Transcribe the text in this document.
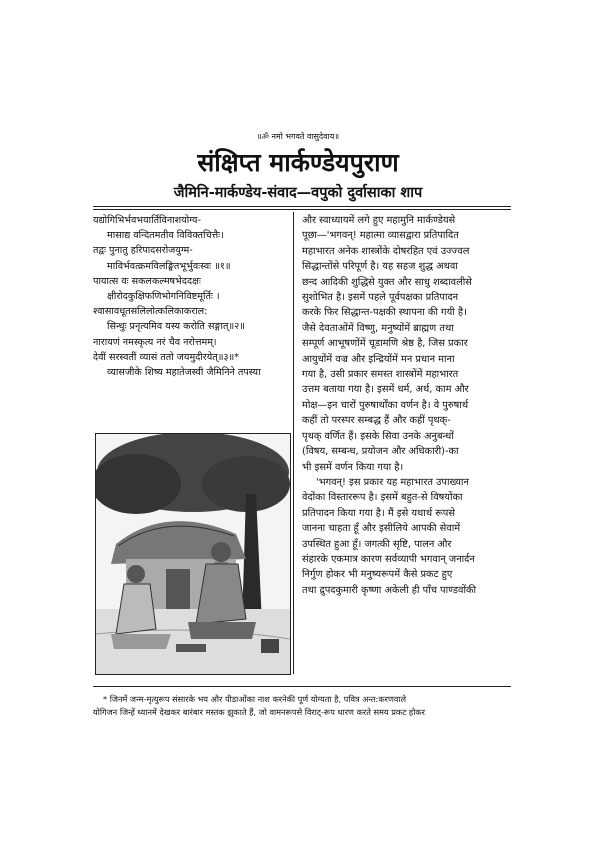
॥ॐ नमो भगवते वासुदेवाय॥
संक्षिप्त मार्कण्डेयपुराण
जैमिनि-मार्कण्डेय-संवाद—वपुको दुर्वासाका शाप
यद्योगिभिर्भवभयार्तिविनाशयोग्य-
मासाद्य वन्दितमतीव विविक्तचित्तैः।
तद्वः पुनातु हरिपादसरोजयुग्म-
माविर्भवत्क्रमविलङ्घितभूर्भुवःस्वः ॥१॥
पायात्स वः सकलकल्मषभेददक्षः
क्षीरोदकुक्षिफणिभोगनिविष्टमूर्तिः ।
श्वासावधूतसलिलोत्कलिकाकराल:
सिन्धुः प्रनृत्यमिव यस्य करोति सङ्गात्॥२॥
नारायणं नमस्कृत्य नरं चैव नरोत्तमम्।
देवीं सरस्वतीं व्यासं ततो जयमुदीरयेत्॥३॥*
व्यासजीके शिष्य महातेजस्वी जैमिनिने तपस्या
और स्वाध्यायमें लगे हुए महामुनि मार्कण्डेयसे
पूछा—'भगवन्! महात्मा व्यासद्वारा प्रतिपादित
महाभारत अनेक शास्त्रोंके दोषरहित एवं उज्ज्वल
सिद्धान्तोंसे परिपूर्ण है। यह सहज शुद्ध अथवा
छन्द आदिकी शुद्धिसे युक्त और साधु शब्दावलीसे
सुशोभित है। इसमें पहले पूर्वपक्षका प्रतिपादन
करके फिर सिद्धान्त-पक्षकी स्थापना की गयी है।
जैसे देवताओंमें विष्णु, मनुष्योंमें ब्राह्मण तथा
सम्पूर्ण आभूषणोंमें चूडामणि श्रेष्ठ है, जिस प्रकार
आयुधोंमें वज्र और इन्द्रियोंमें मन प्रधान माना
गया है, उसी प्रकार समस्त शास्त्रोंमें महाभारत
उत्तम बताया गया है। इसमें धर्म, अर्थ, काम और
मोक्ष—इन चारों पुरुषार्थोंका वर्णन है। वे पुरुषार्थ
कहीं तो परस्पर सम्बद्ध हैं और कहीं पृथक्-
पृथक् वर्णित हैं। इसके सिवा उनके अनुबन्धों
(विषय, सम्बन्ध, प्रयोजन और अधिकारी)-का
भी इसमें वर्णन किया गया है।
'भगवन्! इस प्रकार यह महाभारत उपाख्यान
वेदोंका विस्ताररूप है। इसमें बहुत-से विषयोंका
प्रतिपादन किया गया है। मैं इसे यथार्थ रूपसे
जानना चाहता हूँ और इसीलिये आपकी सेवामें
उपस्थित हुआ हूँ। जगत्की सृष्टि, पालन और
संहारके एकमात्र कारण सर्वव्यापी भगवान् जनार्दन
निर्गुण होकर भी मनुष्यरूपमें कैसे प्रकट हुए
तथा द्रुपदकुमारी कृष्णा अकेली ही पाँच पाण्डवोंकी
* जिनमें जन्म-मृत्युरूप संसारके भय और पीडाओंका नाश करनेकी पूर्ण योग्यता है, पवित्र अन्त:करणवाले
योगिजन जिन्हें ध्यानमें देखकर बारंबार मस्तक झुकाते हैं, जो वामनरूपसे विराट्-रूप धारण करते समय प्रकट होकर
